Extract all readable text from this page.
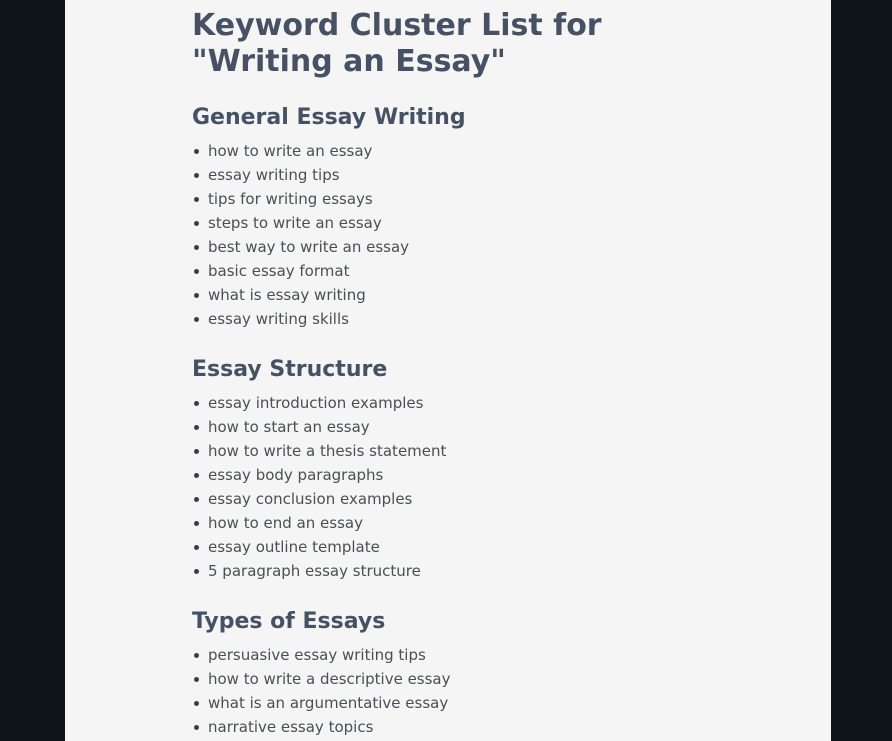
Keyword Cluster List for "Writing an Essay"
General Essay Writing
how to write an essay
essay writing tips
tips for writing essays
steps to write an essay
best way to write an essay
basic essay format
what is essay writing
essay writing skills
Essay Structure
essay introduction examples
how to start an essay
how to write a thesis statement
essay body paragraphs
essay conclusion examples
how to end an essay
essay outline template
5 paragraph essay structure
Types of Essays
persuasive essay writing tips
how to write a descriptive essay
what is an argumentative essay
narrative essay topics
